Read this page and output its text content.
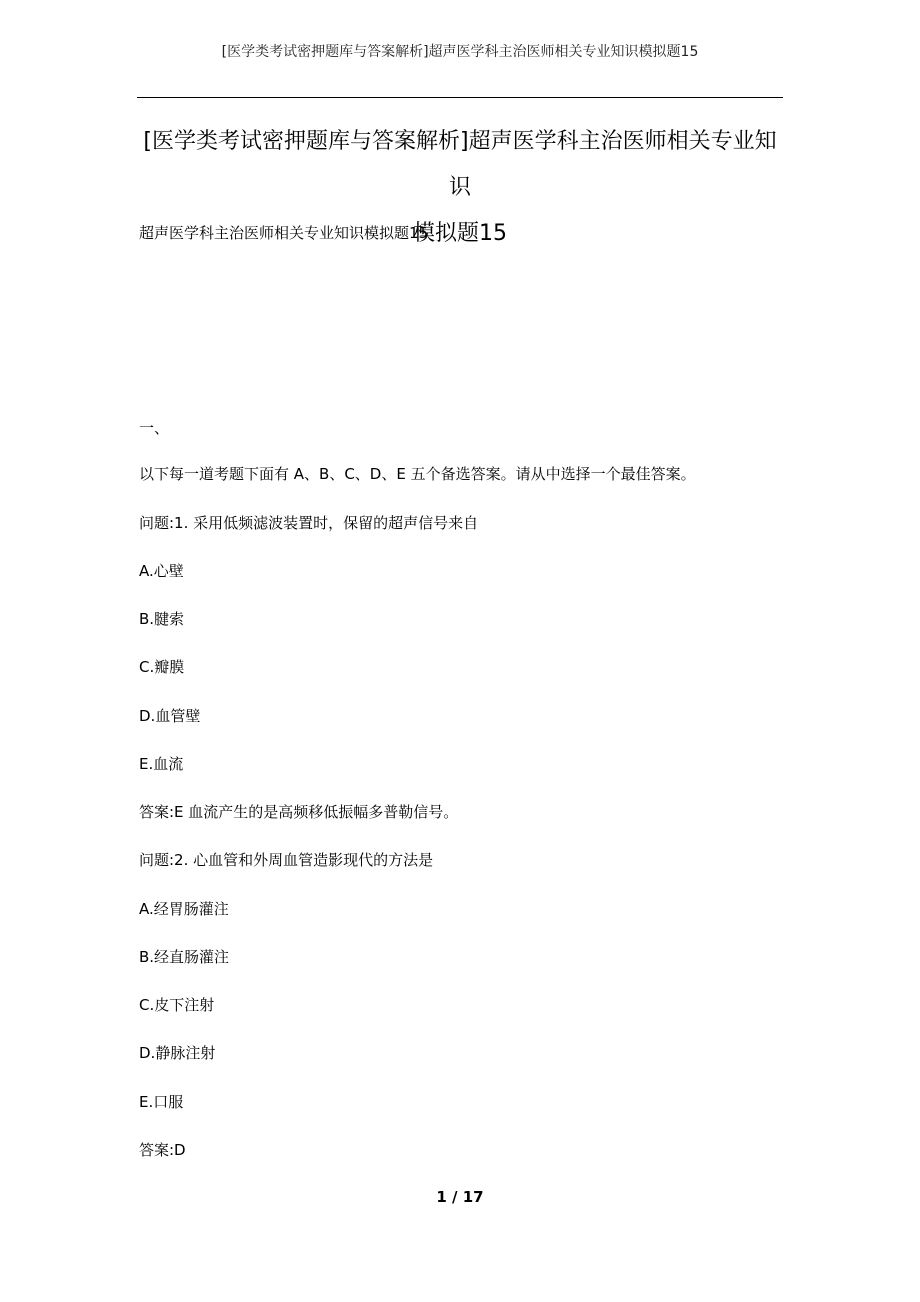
[医学类考试密押题库与答案解析]超声医学科主治医师相关专业知识模拟题15
[医学类考试密押题库与答案解析]超声医学科主治医师相关专业知识
模拟题15
超声医学科主治医师相关专业知识模拟题15
一、
以下每一道考题下面有 A、B、C、D、E 五个备选答案。请从中选择一个最佳答案。
问题:1. 采用低频滤波装置时，保留的超声信号来自
A.心壁
B.腱索
C.瓣膜
D.血管壁
E.血流
答案:E 血流产生的是高频移低振幅多普勒信号。
问题:2. 心血管和外周血管造影现代的方法是
A.经胃肠灌注
B.经直肠灌注
C.皮下注射
D.静脉注射
E.口服
答案:D
1 / 17
